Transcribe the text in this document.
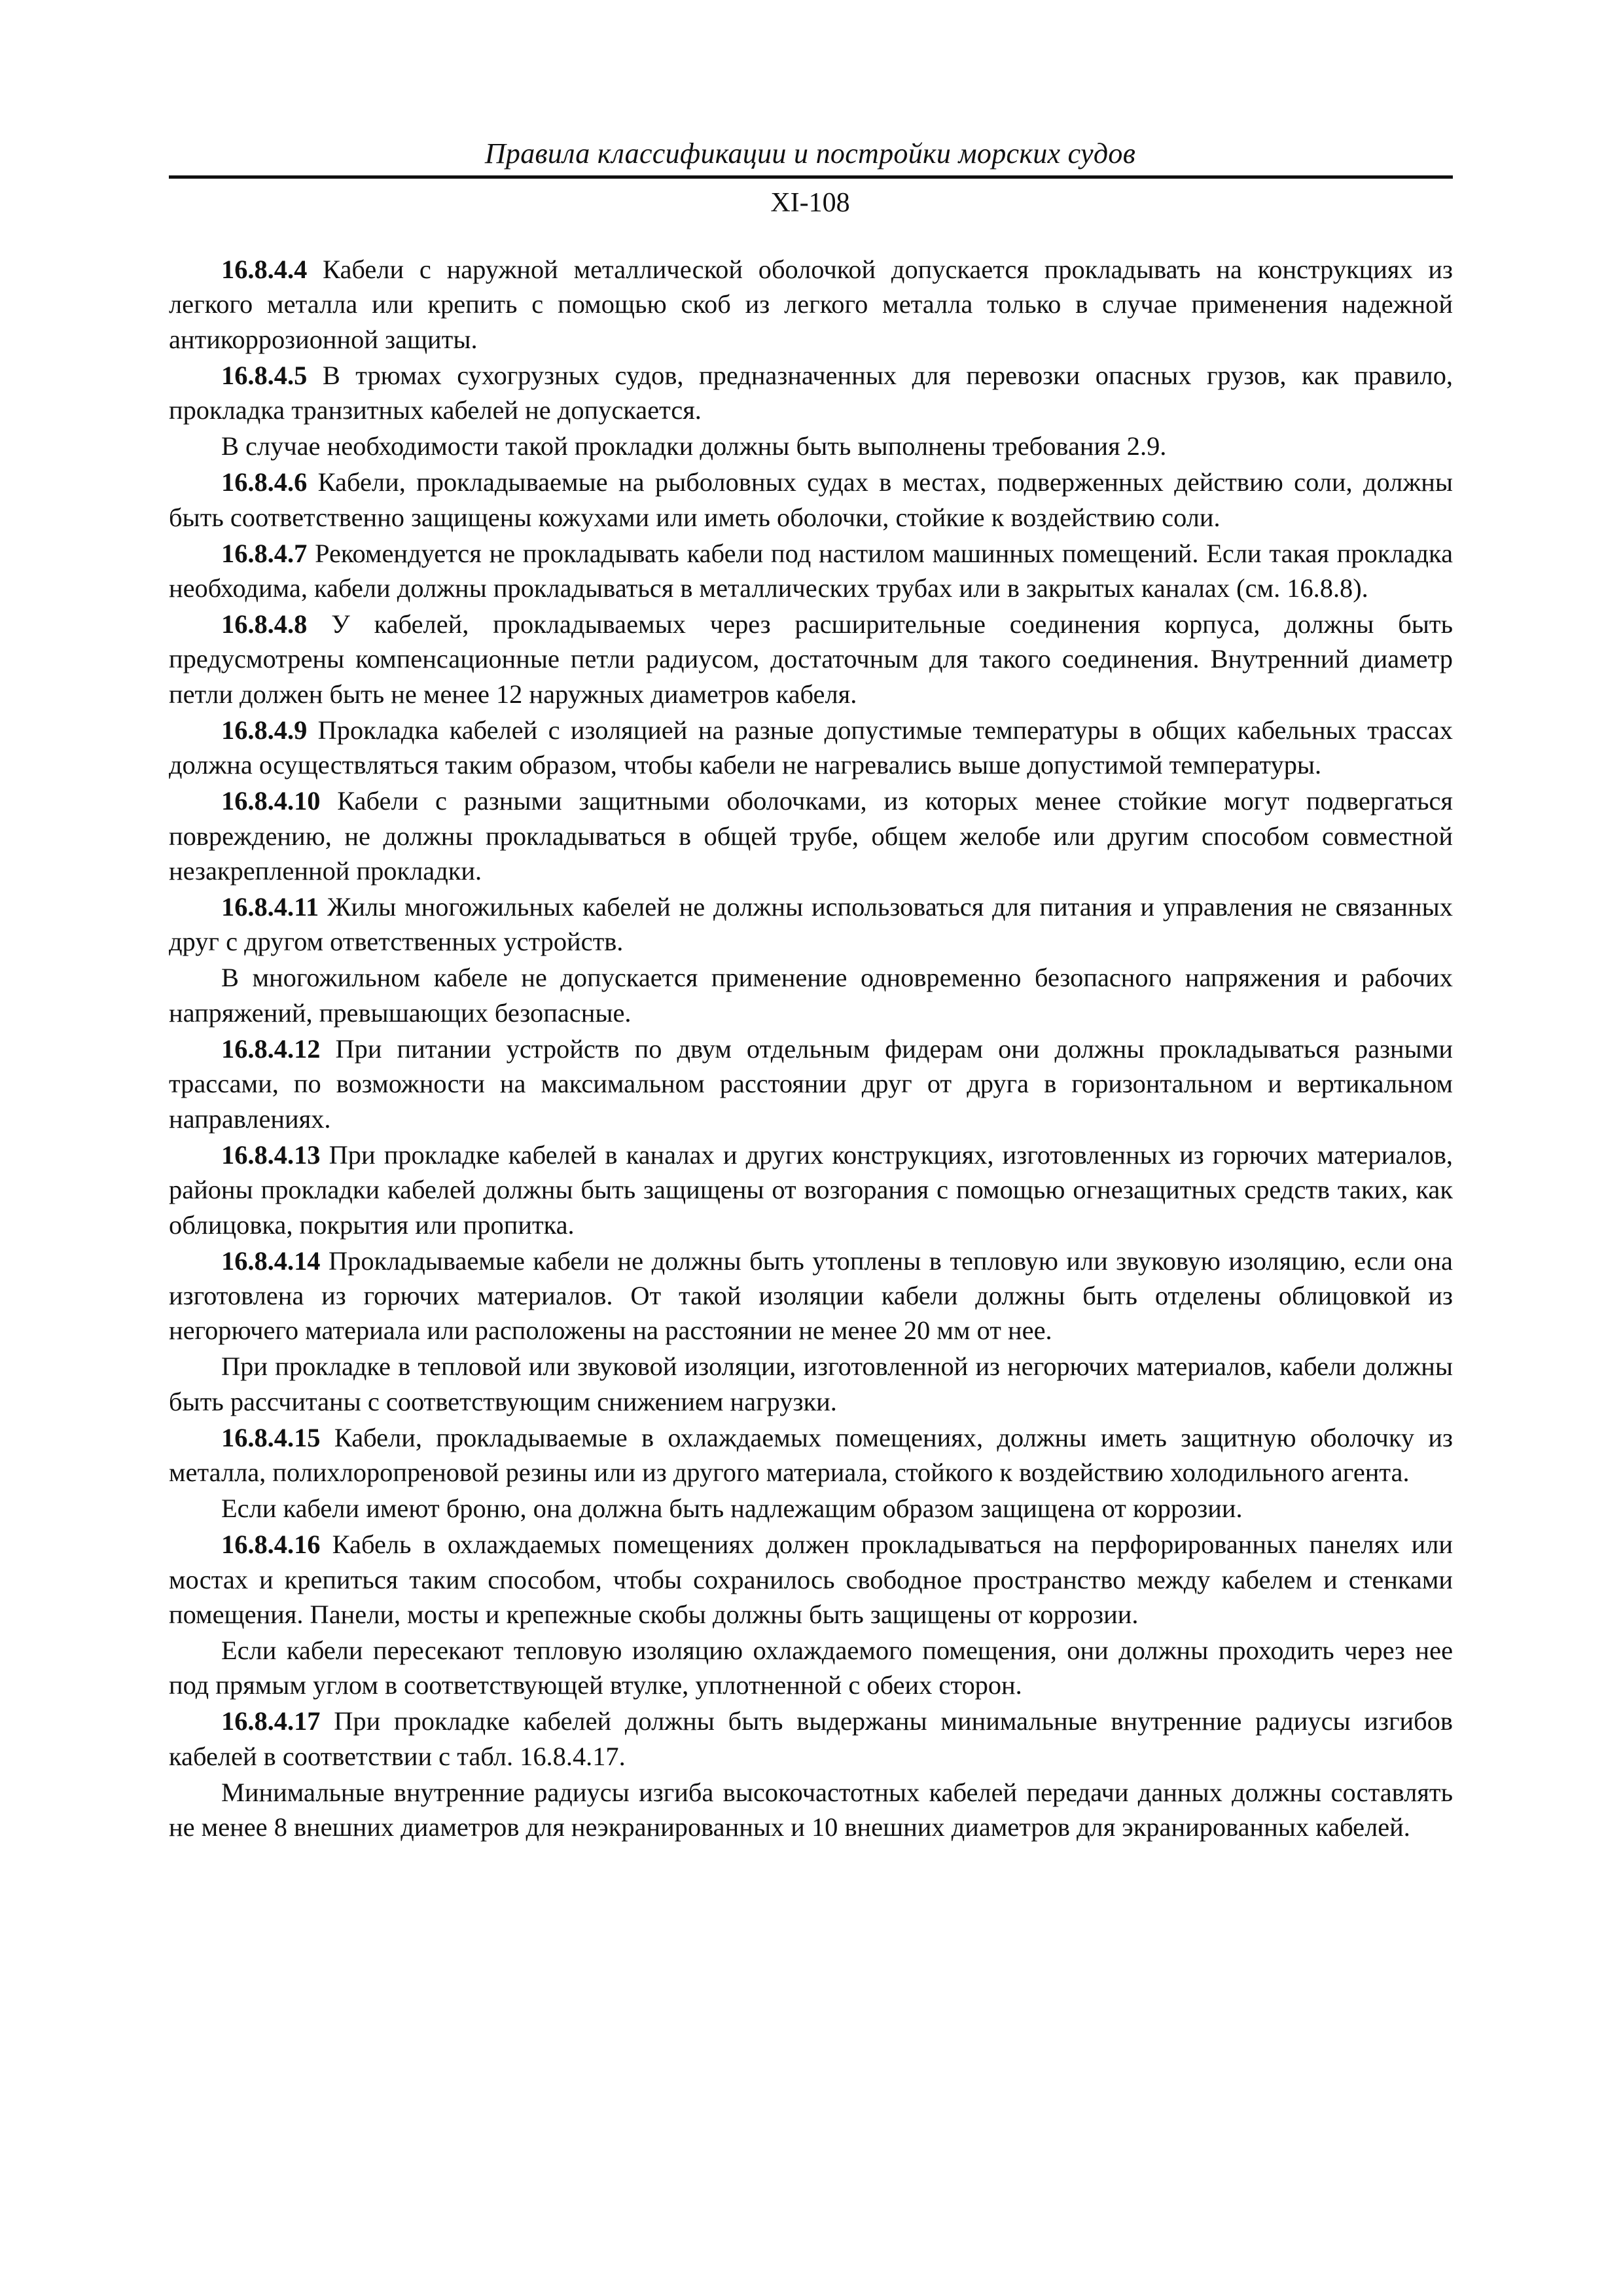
Правила классификации и постройки морских судов
XI-108

16.8.4.4 Кабели с наружной металлической оболочкой допускается прокладывать на конструкциях из легкого металла или крепить с помощью скоб из легкого металла только в случае применения надежной антикоррозионной защиты.

16.8.4.5 В трюмах сухогрузных судов, предназначенных для перевозки опасных грузов, как правило, прокладка транзитных кабелей не допускается.

В случае необходимости такой прокладки должны быть выполнены требования 2.9.

16.8.4.6 Кабели, прокладываемые на рыболовных судах в местах, подверженных действию соли, должны быть соответственно защищены кожухами или иметь оболочки, стойкие к воздействию соли.

16.8.4.7 Рекомендуется не прокладывать кабели под настилом машинных помещений. Если такая прокладка необходима, кабели должны прокладываться в металлических трубах или в закрытых каналах (см. 16.8.8).

16.8.4.8 У кабелей, прокладываемых через расширительные соединения корпуса, должны быть предусмотрены компенсационные петли радиусом, достаточным для такого соединения. Внутренний диаметр петли должен быть не менее 12 наружных диаметров кабеля.

16.8.4.9 Прокладка кабелей с изоляцией на разные допустимые температуры в общих кабельных трассах должна осуществляться таким образом, чтобы кабели не нагревались выше допустимой температуры.

16.8.4.10 Кабели с разными защитными оболочками, из которых менее стойкие могут подвергаться повреждению, не должны прокладываться в общей трубе, общем желобе или другим способом совместной незакрепленной прокладки.

16.8.4.11 Жилы многожильных кабелей не должны использоваться для питания и управления не связанных друг с другом ответственных устройств.

В многожильном кабеле не допускается применение одновременно безопасного напряжения и рабочих напряжений, превышающих безопасные.

16.8.4.12 При питании устройств по двум отдельным фидерам они должны прокладываться разными трассами, по возможности на максимальном расстоянии друг от друга в горизонтальном и вертикальном направлениях.

16.8.4.13 При прокладке кабелей в каналах и других конструкциях, изготовленных из горючих материалов, районы прокладки кабелей должны быть защищены от возгорания с помощью огнезащитных средств таких, как облицовка, покрытия или пропитка.

16.8.4.14 Прокладываемые кабели не должны быть утоплены в тепловую или звуковую изоляцию, если она изготовлена из горючих материалов. От такой изоляции кабели должны быть отделены облицовкой из негорючего материала или расположены на расстоянии не менее 20 мм от нее.

При прокладке в тепловой или звуковой изоляции, изготовленной из негорючих материалов, кабели должны быть рассчитаны с соответствующим снижением нагрузки.

16.8.4.15 Кабели, прокладываемые в охлаждаемых помещениях, должны иметь защитную оболочку из металла, полихлоропреновой резины или из другого материала, стойкого к воздействию холодильного агента.

Если кабели имеют броню, она должна быть надлежащим образом защищена от коррозии.

16.8.4.16 Кабель в охлаждаемых помещениях должен прокладываться на перфорированных панелях или мостах и крепиться таким способом, чтобы сохранилось свободное пространство между кабелем и стенками помещения. Панели, мосты и крепежные скобы должны быть защищены от коррозии.

Если кабели пересекают тепловую изоляцию охлаждаемого помещения, они должны проходить через нее под прямым углом в соответствующей втулке, уплотненной с обеих сторон.

16.8.4.17 При прокладке кабелей должны быть выдержаны минимальные внутренние радиусы изгибов кабелей в соответствии с табл. 16.8.4.17.

Минимальные внутренние радиусы изгиба высокочастотных кабелей передачи данных должны составлять не менее 8 внешних диаметров для неэкранированных и 10 внешних диаметров для экранированных кабелей.
